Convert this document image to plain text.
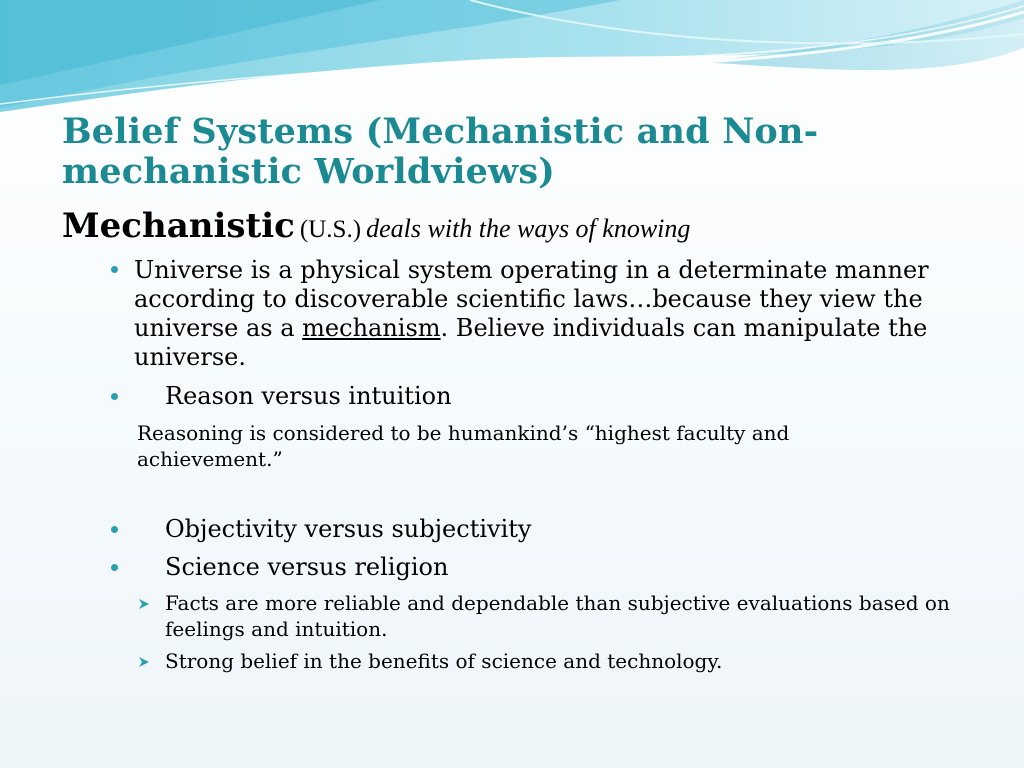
Belief Systems (Mechanistic and Non-mechanistic Worldviews)
Mechanistic (U.S.) deals with the ways of knowing

Universe is a physical system operating in a determinate manner according to discoverable scientific laws…because they view the universe as a mechanism. Believe individuals can manipulate the universe.

Reason versus intuition

Reasoning is considered to be humankind’s “highest faculty and achievement.”

Objectivity versus subjectivity

Science versus religion

Facts are more reliable and dependable than subjective evaluations based on feelings and intuition.

Strong belief in the benefits of science and technology.
